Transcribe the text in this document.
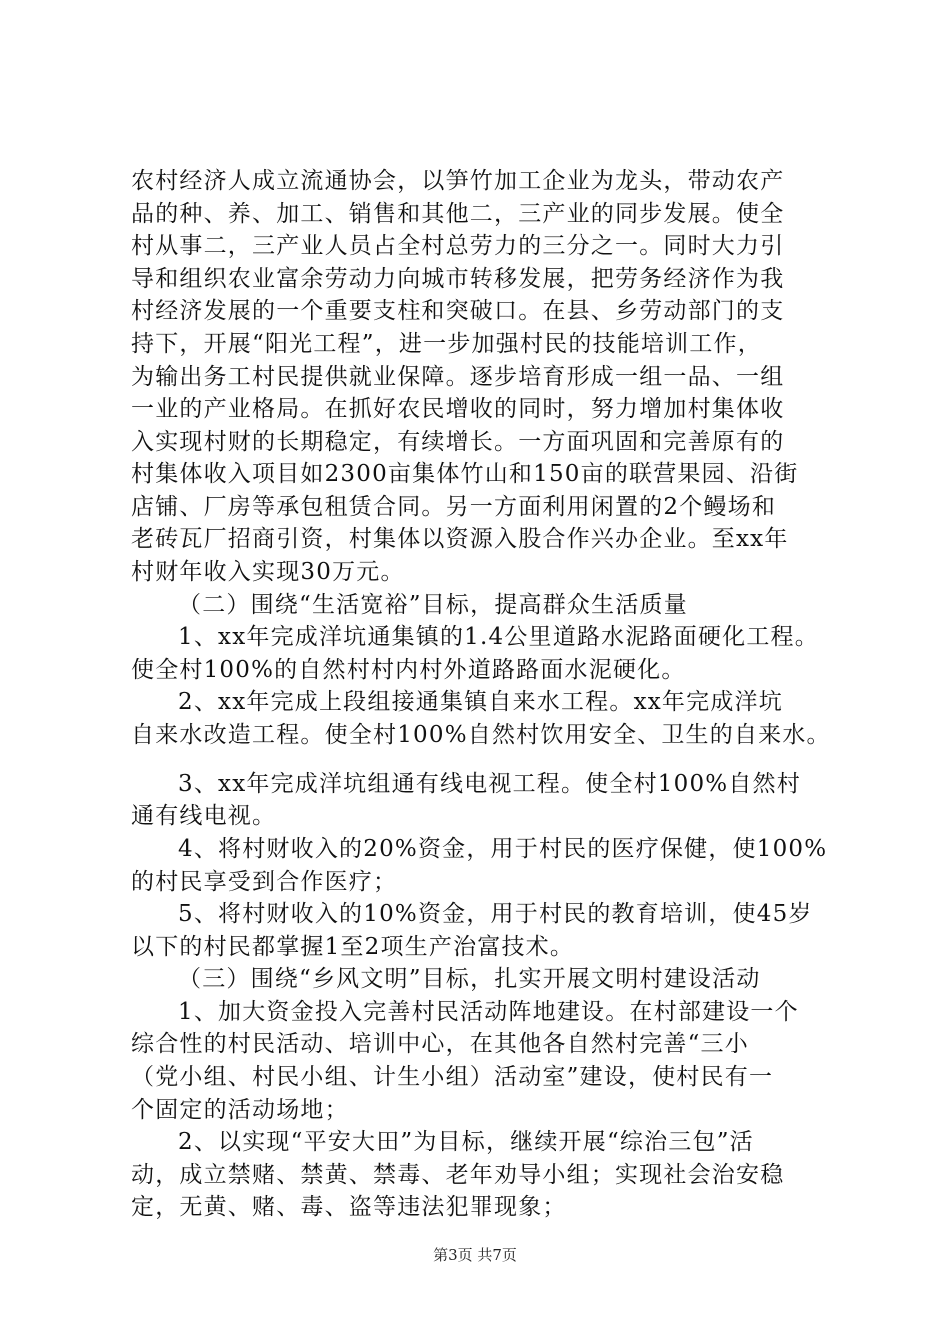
农村经济人成立流通协会，以笋竹加工企业为龙头，带动农产
品的种、养、加工、销售和其他二，三产业的同步发展。使全
村从事二，三产业人员占全村总劳力的三分之一。同时大力引
导和组织农业富余劳动力向城市转移发展，把劳务经济作为我
村经济发展的一个重要支柱和突破口。在县、乡劳动部门的支
持下，开展“阳光工程”，进一步加强村民的技能培训工作，
为输出务工村民提供就业保障。逐步培育形成一组一品、一组
一业的产业格局。在抓好农民增收的同时，努力增加村集体收
入实现村财的长期稳定，有续增长。一方面巩固和完善原有的
村集体收入项目如2300亩集体竹山和150亩的联营果园、沿街
店铺、厂房等承包租赁合同。另一方面利用闲置的2个鳗场和
老砖瓦厂招商引资，村集体以资源入股合作兴办企业。至xx年
村财年收入实现30万元。
（二）围绕“生活宽裕”目标，提高群众生活质量
1、xx年完成洋坑通集镇的1.4公里道路水泥路面硬化工程。
使全村100%的自然村村内村外道路路面水泥硬化。
2、xx年完成上段组接通集镇自来水工程。xx年完成洋坑
自来水改造工程。使全村100%自然村饮用安全、卫生的自来水。
3、xx年完成洋坑组通有线电视工程。使全村100%自然村
通有线电视。
4、将村财收入的20%资金，用于村民的医疗保健，使100%
的村民享受到合作医疗；
5、将村财收入的10%资金，用于村民的教育培训，使45岁
以下的村民都掌握1至2项生产治富技术。
（三）围绕“乡风文明”目标，扎实开展文明村建设活动
1、加大资金投入完善村民活动阵地建设。在村部建设一个
综合性的村民活动、培训中心，在其他各自然村完善“三小
（党小组、村民小组、计生小组）活动室”建设，使村民有一
个固定的活动场地；
2、以实现“平安大田”为目标，继续开展“综治三包”活
动，成立禁赌、禁黄、禁毒、老年劝导小组；实现社会治安稳
定，无黄、赌、毒、盗等违法犯罪现象；
第3页 共7页
